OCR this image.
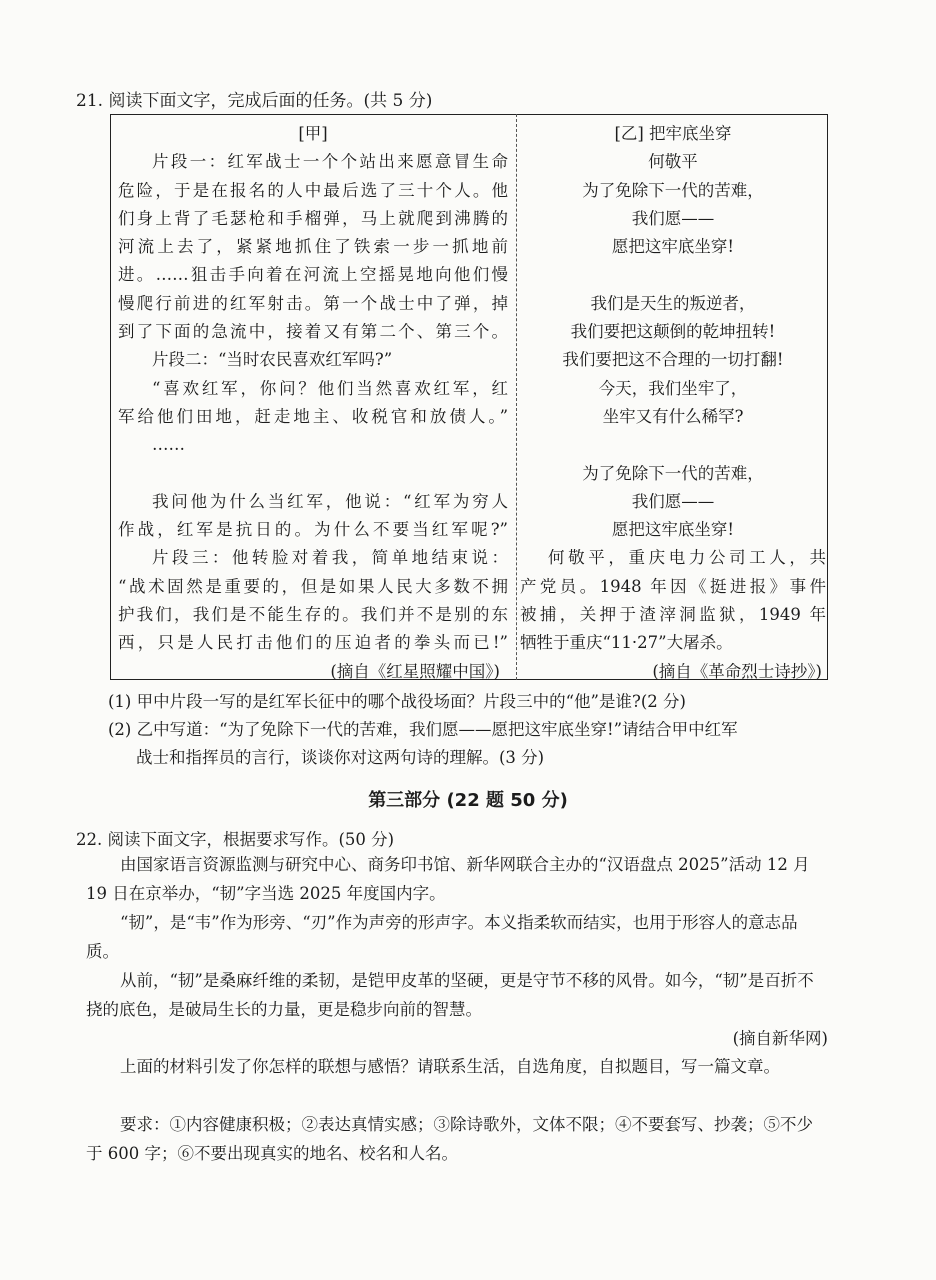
21. 阅读下面文字，完成后面的任务。(共 5 分)
[甲]
片段一：红军战士一个个站出来愿意冒生命
危险，于是在报名的人中最后选了三十个人。他
们身上背了毛瑟枪和手榴弹，马上就爬到沸腾的
河流上去了，紧紧地抓住了铁索一步一抓地前
进。……狙击手向着在河流上空摇晃地向他们慢
慢爬行前进的红军射击。第一个战士中了弹，掉
到了下面的急流中，接着又有第二个、第三个。
片段二：“当时农民喜欢红军吗?”
“喜欢红军，你问？他们当然喜欢红军，红
军给他们田地，赶走地主、收税官和放债人。”
……
我问他为什么当红军，他说：“红军为穷人
作战，红军是抗日的。为什么不要当红军呢?”
片段三：他转脸对着我，简单地结束说：
“战术固然是重要的，但是如果人民大多数不拥
护我们，我们是不能生存的。我们并不是别的东
西，只是人民打击他们的压迫者的拳头而已!”
(摘自《红星照耀中国》)
[乙] 把牢底坐穿
何敬平
为了免除下一代的苦难，
我们愿——
愿把这牢底坐穿!
我们是天生的叛逆者，
我们要把这颠倒的乾坤扭转!
我们要把这不合理的一切打翻!
今天，我们坐牢了，
坐牢又有什么稀罕?
为了免除下一代的苦难，
我们愿——
愿把这牢底坐穿!
何敬平，重庆电力公司工人，共
产党员。1948 年因《挺进报》事件
被捕，关押于渣滓洞监狱，1949 年
牺牲于重庆“11·27”大屠杀。
(摘自《革命烈士诗抄》)
(1) 甲中片段一写的是红军长征中的哪个战役场面？片段三中的“他”是谁?(2 分)
(2) 乙中写道：“为了免除下一代的苦难，我们愿——愿把这牢底坐穿!”请结合甲中红军
战士和指挥员的言行，谈谈你对这两句诗的理解。(3 分)
第三部分 (22 题 50 分)
22. 阅读下面文字，根据要求写作。(50 分)
由国家语言资源监测与研究中心、商务印书馆、新华网联合主办的“汉语盘点 2025”活动 12 月 19 日在京举办，“韧”字当选 2025 年度国内字。
“韧”，是“韦”作为形旁、“刃”作为声旁的形声字。本义指柔软而结实，也用于形容人的意志品质。
从前，“韧”是桑麻纤维的柔韧，是铠甲皮革的坚硬，更是守节不移的风骨。如今，“韧”是百折不挠的底色，是破局生长的力量，更是稳步向前的智慧。
(摘自新华网)
上面的材料引发了你怎样的联想与感悟？请联系生活，自选角度，自拟题目，写一篇文章。
要求：①内容健康积极；②表达真情实感；③除诗歌外，文体不限；④不要套写、抄袭；⑤不少于 600 字；⑥不要出现真实的地名、校名和人名。
